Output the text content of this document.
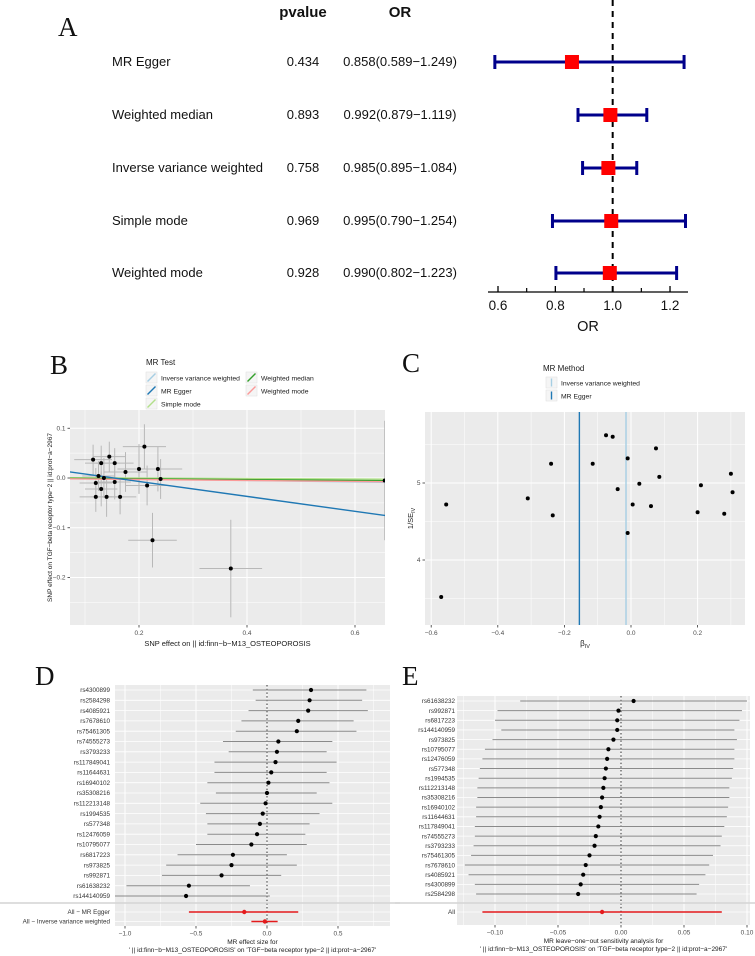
A	pvalue	OR
MR Egger	0.434 0.858(0.589−1.249)
Weighted median	0.893 0.992(0.879−1.119)
Inverse variance weighted 0.758 0.985(0.895−1.084)
Simple mode	0.969 0.995(0.790−1.254)
Weighted mode	0.928 0.990(0.802−1.223)
0.6	0.8	1.0	1.2
OR
B
0.1
0.0
−0.1
−0.2
0.2	0.4	0.6
SNP effect on || id:finn−b−M13_OSTEOPOROSIS
SNP effect on TGF−beta receptor type−2 || id:prot−a−2967
MR Test
Inverse variance weighted
MR Egger
Simple mode
Weighted median
Weighted mode
C
4
5
−0.6	−0.4	−0.2	0.0	0.2
$\beta_{IV}$
$1/SE_{IV}$
MR Method
Inverse variance weighted
MR Egger
D	rs4300899
rs2584298
rs4085921
rs7678610
rs75461305
rs74555273
rs3793233
rs117849041
rs11644631
rs16940102
rs35308216
rs112213148
rs1994535
rs577348
rs12476059
rs10795077
rs6817223
rs973825
rs992871
rs61638232
rs144140959
All − MR Egger
All − Inverse variance weighted
−1.0	−0.5	0.0	0.5
MR effect size for
' || id:finn−b−M13_OSTEOPOROSIS' on 'TGF−beta receptor type−2 || id:prot−a−2967'
E
rs61638232
rs992871
rs6817223
rs144140959
rs973825
rs10795077
rs12476059
rs577348
rs1994535
rs112213148
rs35308216
rs16940102
rs11644631
rs117849041
rs74555273
rs3793233
rs75461305
rs7678610
rs4085921
rs4300899
rs2584298
All
−0.10	−0.05	0.00	0.05	0.10
MR leave−one−out sensitivity analysis for
' || id:finn−b−M13_OSTEOPOROSIS' on 'TGF−beta receptor type−2 || id:prot−a−2967'
